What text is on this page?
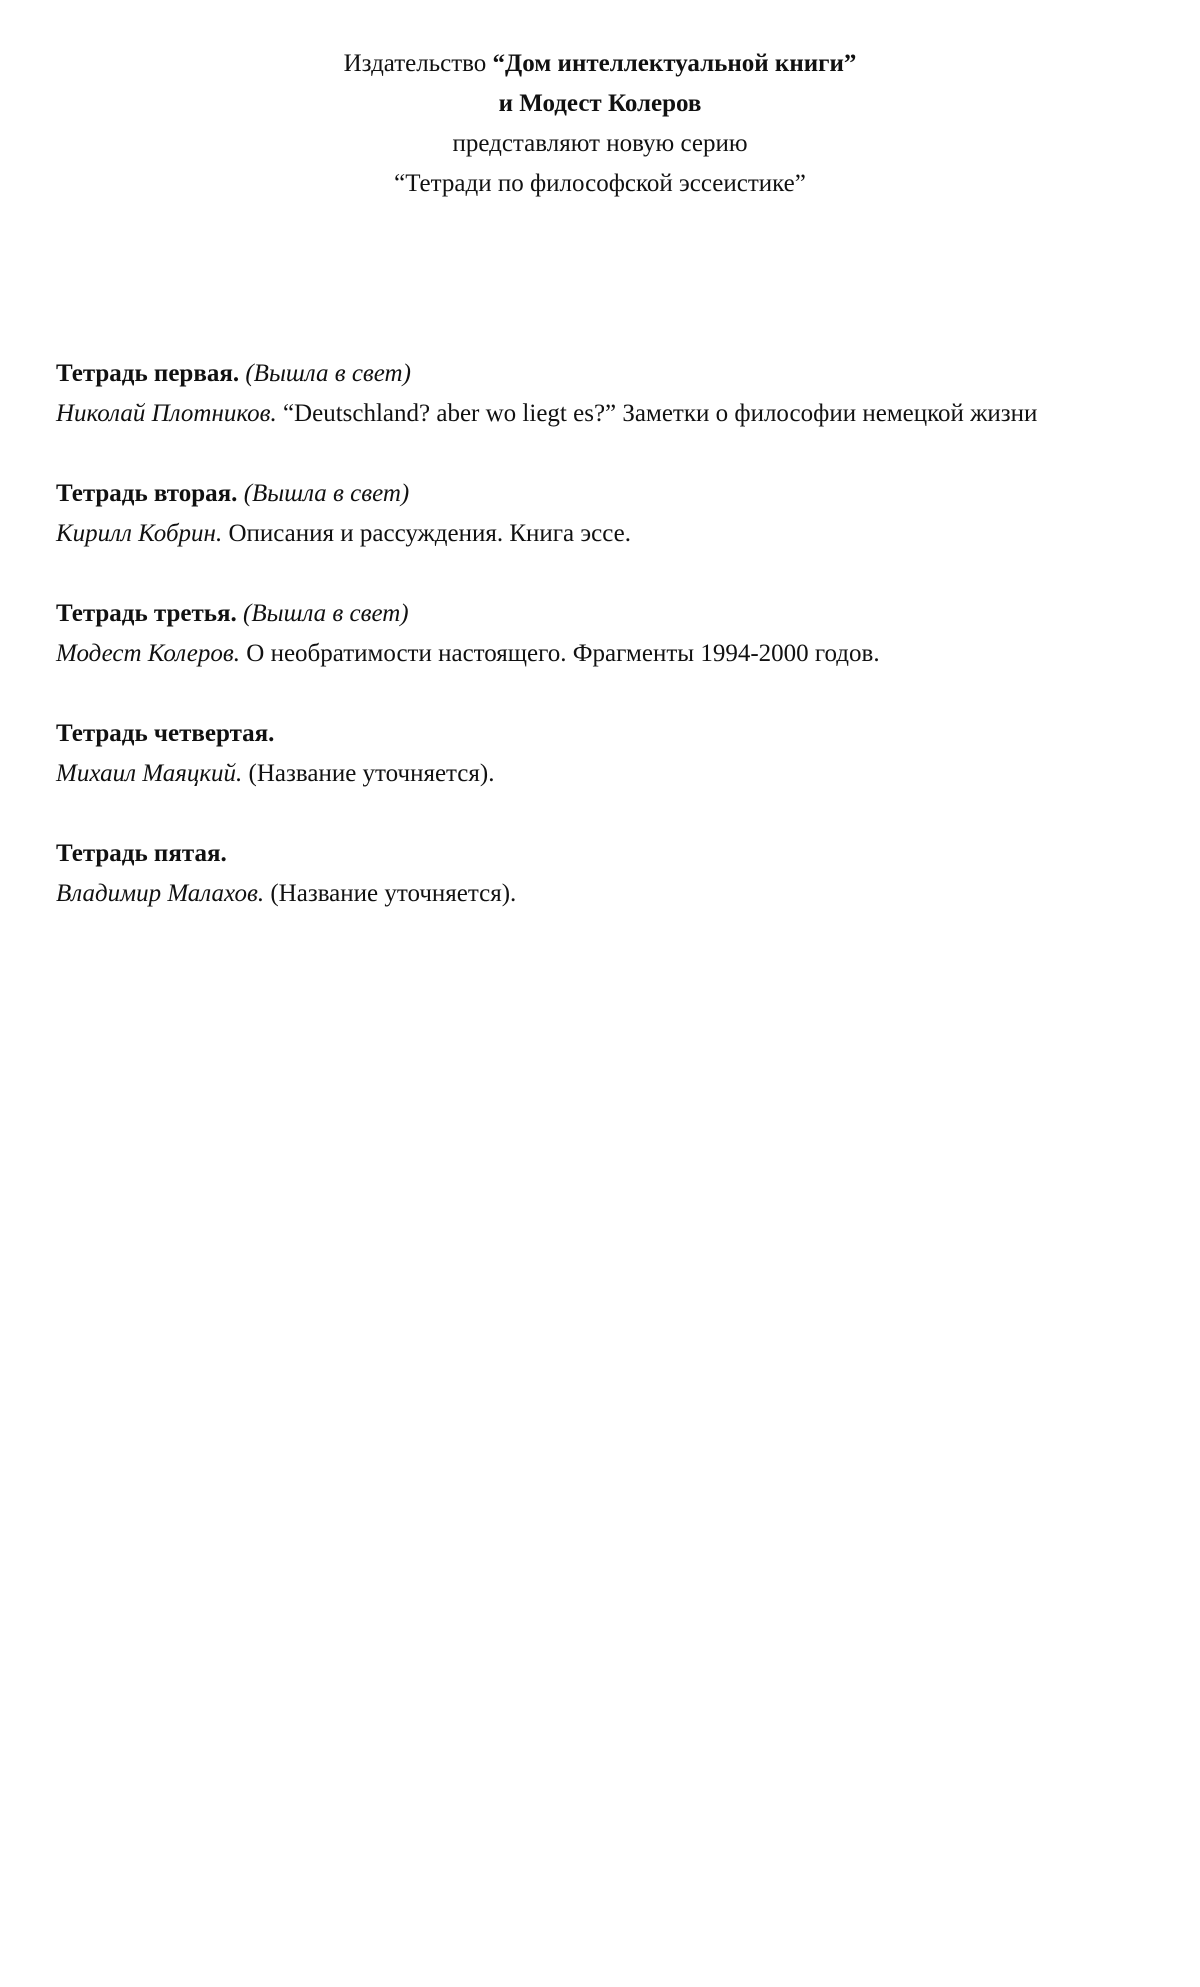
Издательство “Дом интеллектуальной книги”
и Модест Колеров
представляют новую серию
“Тетради по философской эссеистике”
Тетрадь первая. (Вышла в свет)
Николай Плотников. “Deutschland? aber wo liegt es?” Заметки о философии немецкой жизни
Тетрадь вторая. (Вышла в свет)
Кирилл Кобрин. Описания и рассуждения. Книга эссе.
Тетрадь третья. (Вышла в свет)
Модест Колеров. О необратимости настоящего. Фрагменты 1994-2000 годов.
Тетрадь четвертая.
Михаил Маяцкий. (Название уточняется).
Тетрадь пятая.
Владимир Малахов. (Название уточняется).
